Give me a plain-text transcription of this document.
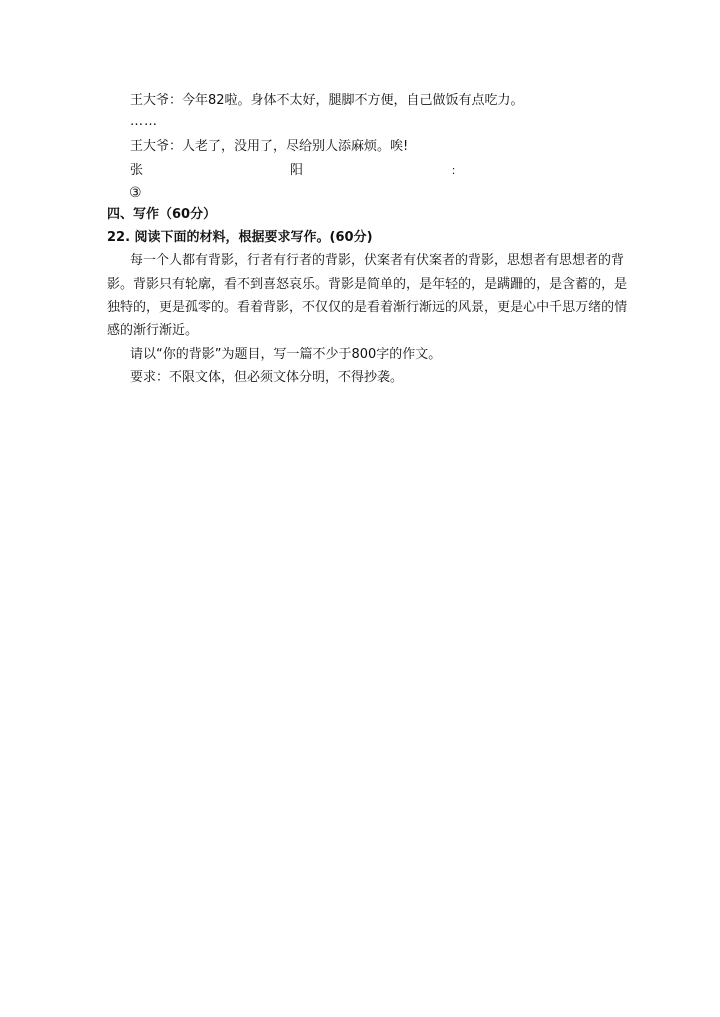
王大爷：今年82啦。身体不太好，腿脚不方便，自己做饭有点吃力。
……
王大爷：人老了，没用了，尽给别人添麻烦。唉!
张	阳	：
③
四、写作（60分）
22. 阅读下面的材料，根据要求写作。(60分)
每一个人都有背影， 行者有行者的背影， 伏案者有伏案者的背影， 思想者有思想者的背
影。 背影只有轮廓， 看不到喜怒哀乐。 背影是简单的， 是年轻的， 是蹒跚的， 是含蓄的， 是
独特的， 更是孤零的。 看着背影， 不仅仅的是看着渐行渐远的风景， 更是心中千思万绪的情
感的渐行渐近。
请以“你的背影”为题目，写一篇不少于800字的作文。
要求：不限文体，但必须文体分明，不得抄袭。
